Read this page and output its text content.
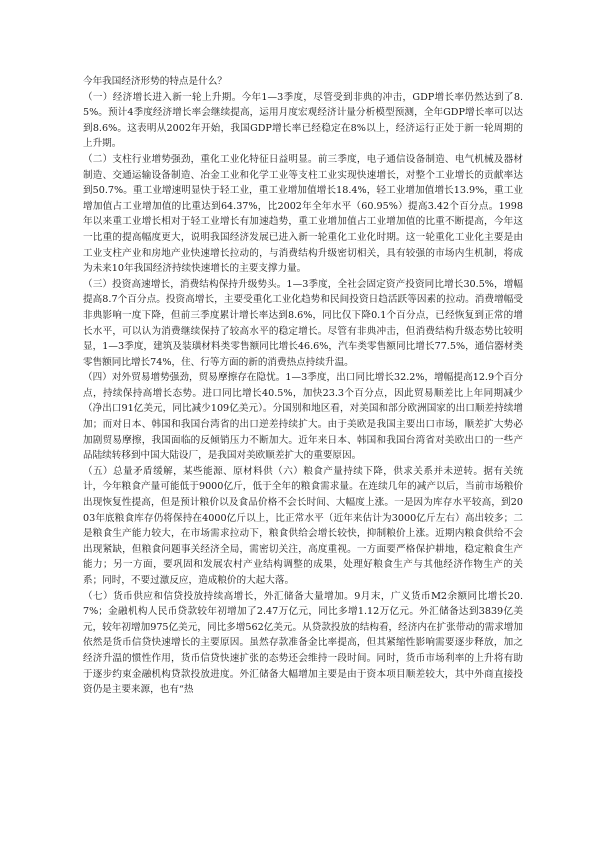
今年我国经济形势的特点是什么？

（一）经济增长进入新一轮上升期。今年1—3季度，尽管受到非典的冲击，GDP增长率仍然达到了8.5%。预计4季度经济增长率会继续提高，运用月度宏观经济计量分析模型预测，全年GDP增长率可以达到8.6%。这表明从2002年开始，我国GDP增长率已经稳定在8%以上，经济运行正处于新一轮周期的上升期。

（二）支柱行业增势强劲，重化工业化特征日益明显。前三季度，电子通信设备制造、电气机械及器材制造、交通运输设备制造、冶金工业和化学工业等支柱工业实现快速增长，对整个工业增长的贡献率达到50.7%。重工业增速明显快于轻工业，重工业增加值增长18.4%，轻工业增加值增长13.9%，重工业增加值占工业增加值的比重达到64.37%，比2002年全年水平（60.95%）提高3.42个百分点。1998年以来重工业增长相对于轻工业增长有加速趋势，重工业增加值占工业增加值的比重不断提高，今年这一比重的提高幅度更大，说明我国经济发展已进入新一轮重化工业化时期。这一轮重化工业化主要是由工业支柱产业和房地产业快速增长拉动的，与消费结构升级密切相关，具有较强的市场内生机制，将成为未来10年我国经济持续快速增长的主要支撑力量。

（三）投资高速增长，消费结构保持升级势头。1—3季度，全社会固定资产投资同比增长30.5%，增幅提高8.7个百分点。投资高增长，主要受重化工业化趋势和民间投资日趋活跃等因素的拉动。消费增幅受非典影响一度下降，但前三季度累计增长率达到8.6%，同比仅下降0.1个百分点，已经恢复到正常的增长水平，可以认为消费继续保持了较高水平的稳定增长。尽管有非典冲击，但消费结构升级态势比较明显，1—3季度，建筑及装璜材料类零售额同比增长46.6%，汽车类零售额同比增长77.5%，通信器材类零售额同比增长74%，住、行等方面的新的消费热点持续升温。

（四）对外贸易增势强劲，贸易摩擦存在隐忧。1—3季度，出口同比增长32.2%，增幅提高12.9个百分点，持续保持高增长态势。进口同比增长40.5%，加快23.3个百分点，因此贸易顺差比上年同期减少（净出口91亿美元，同比减少109亿美元）。分国别和地区看，对美国和部分欧洲国家的出口顺差持续增加；而对日本、韩国和我国台湾省的出口逆差持续扩大。由于美欧是我国主要出口市场，顺差扩大势必加剧贸易摩擦，我国面临的反倾销压力不断加大。近年来日本、韩国和我国台湾省对美欧出口的一些产品陆续转移到中国大陆设厂，是我国对美欧顺差扩大的重要原因。

（五）总量矛盾缓解，某些能源、原材料供（六）粮食产量持续下降，供求关系并未逆转。据有关统计，今年粮食产量可能低于9000亿斤，低于全年的粮食需求量。在连续几年的减产以后，当前市场粮价出现恢复性提高，但是预计粮价以及食品价格不会长时间、大幅度上涨。一是因为库存水平较高，到2003年底粮食库存仍将保持在4000亿斤以上，比正常水平（近年来估计为3000亿斤左右）高出较多；二是粮食生产能力较大，在市场需求拉动下，粮食供给会增长较快，抑制粮价上涨。近期内粮食供给不会出现紧缺，但粮食问题事关经济全局，需密切关注，高度重视。一方面要严格保护耕地，稳定粮食生产能力；另一方面，要巩固和发展农村产业结构调整的成果，处理好粮食生产与其他经济作物生产的关系；同时，不要过激反应，造成粮价的大起大落。

（七）货币供应和信贷投放持续高增长，外汇储备大量增加。9月末，广义货币M2余额同比增长20.7%；金融机构人民币贷款较年初增加了2.47万亿元，同比多增1.12万亿元。外汇储备达到3839亿美元，较年初增加975亿美元，同比多增562亿美元。从贷款投放的结构看，经济内在扩张带动的需求增加依然是货币信贷快速增长的主要原因。虽然存款准备金比率提高，但其紧缩性影响需要逐步释放，加之经济升温的惯性作用，货币信贷快速扩张的态势还会维持一段时间。同时，货币市场利率的上升将有助于逐步约束金融机构贷款投放进度。外汇储备大幅增加主要是由于资本项目顺差较大，其中外商直接投资仍是主要来源，也有“热
